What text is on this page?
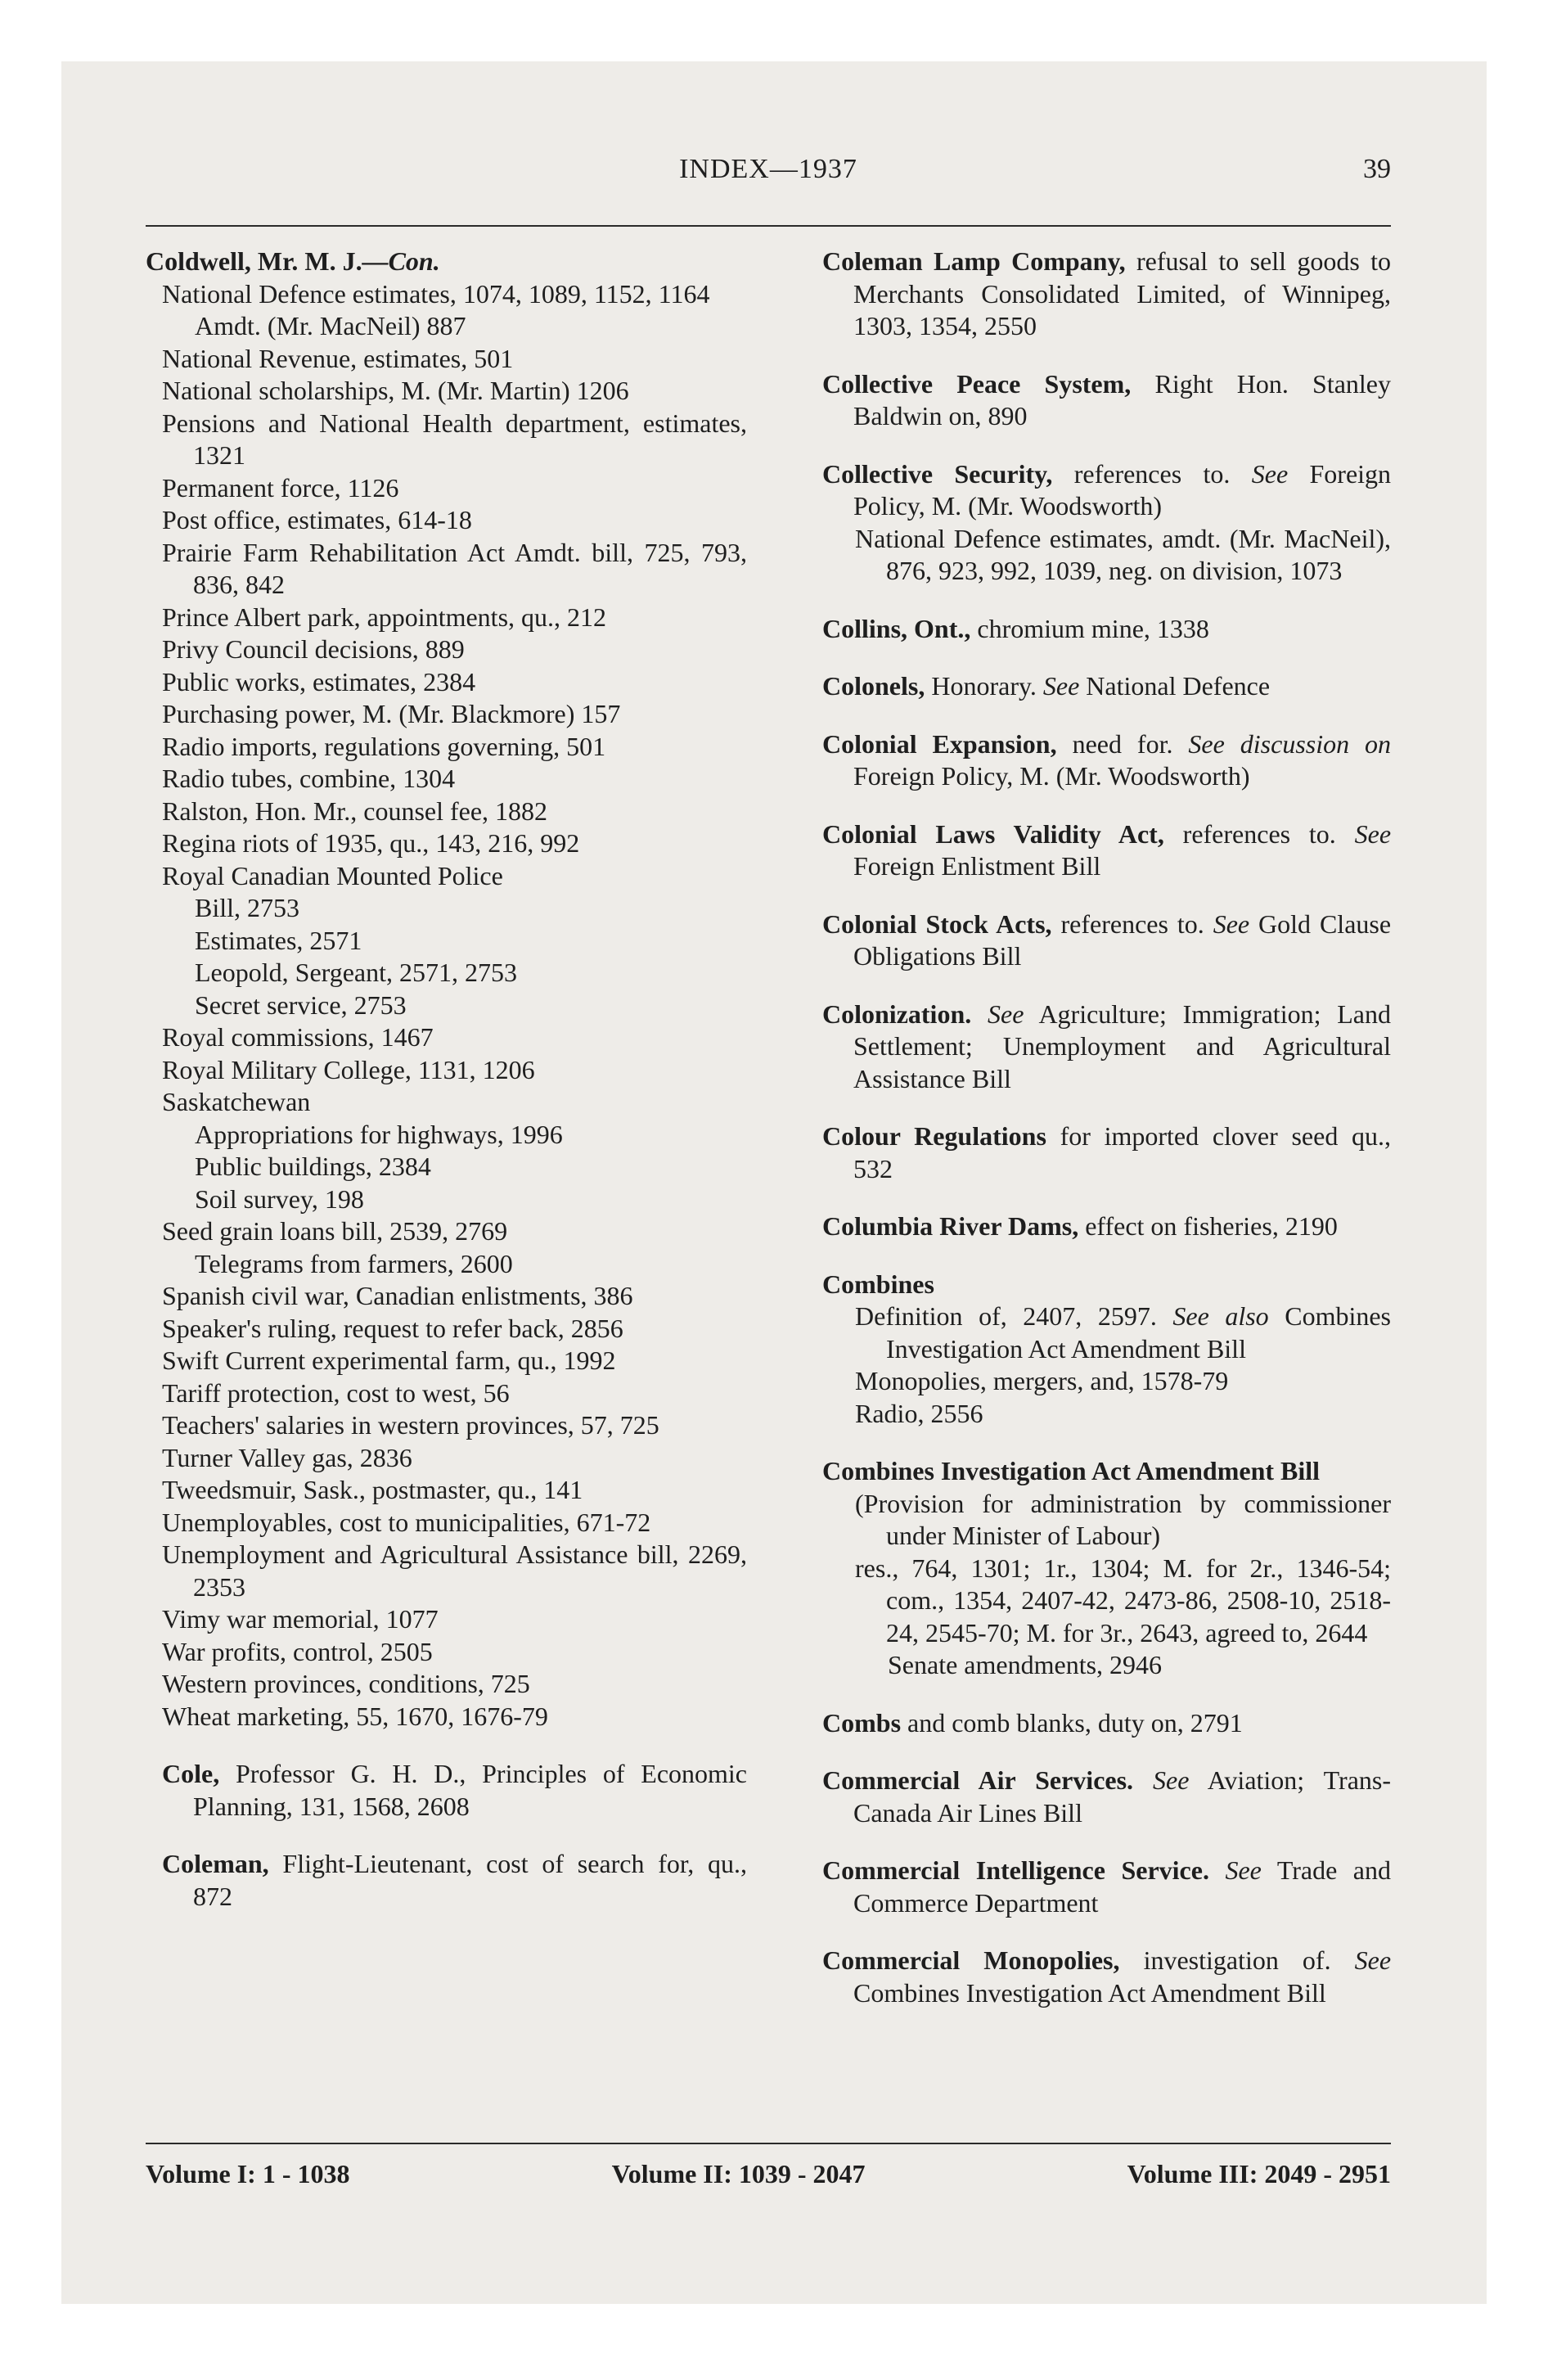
INDEX—1937	39

Coldwell, Mr. M. J.—Con.

National Defence estimates, 1074, 1089, 1152, 1164

Amdt. (Mr. MacNeil) 887

National Revenue, estimates, 501

National scholarships, M. (Mr. Martin) 1206

Pensions and National Health department, estimates, 1321

Permanent force, 1126

Post office, estimates, 614-18

Prairie Farm Rehabilitation Act Amdt. bill, 725, 793, 836, 842

Prince Albert park, appointments, qu., 212

Privy Council decisions, 889

Public works, estimates, 2384

Purchasing power, M. (Mr. Blackmore) 157

Radio imports, regulations governing, 501

Radio tubes, combine, 1304

Ralston, Hon. Mr., counsel fee, 1882

Regina riots of 1935, qu., 143, 216, 992

Royal Canadian Mounted Police

Bill, 2753

Estimates, 2571

Leopold, Sergeant, 2571, 2753

Secret service, 2753

Royal commissions, 1467

Royal Military College, 1131, 1206

Saskatchewan

Appropriations for highways, 1996

Public buildings, 2384

Soil survey, 198

Seed grain loans bill, 2539, 2769

Telegrams from farmers, 2600

Spanish civil war, Canadian enlistments, 386

Speaker's ruling, request to refer back, 2856

Swift Current experimental farm, qu., 1992

Tariff protection, cost to west, 56

Teachers' salaries in western provinces, 57, 725

Turner Valley gas, 2836

Tweedsmuir, Sask., postmaster, qu., 141

Unemployables, cost to municipalities, 671-72

Unemployment and Agricultural Assistance bill, 2269, 2353

Vimy war memorial, 1077

War profits, control, 2505

Western provinces, conditions, 725

Wheat marketing, 55, 1670, 1676-79

Cole, Professor G. H. D., Principles of Economic Planning, 131, 1568, 2608

Coleman, Flight-Lieutenant, cost of search for, qu., 872

Coleman Lamp Company, refusal to sell goods to Merchants Consolidated Limited, of Winnipeg, 1303, 1354, 2550

Collective Peace System, Right Hon. Stanley Baldwin on, 890

Collective Security, references to. See Foreign Policy, M. (Mr. Woodsworth)

National Defence estimates, amdt. (Mr. MacNeil), 876, 923, 992, 1039, neg. on division, 1073

Collins, Ont., chromium mine, 1338

Colonels, Honorary. See National Defence

Colonial Expansion, need for. See discussion on Foreign Policy, M. (Mr. Woodsworth)

Colonial Laws Validity Act, references to. See Foreign Enlistment Bill

Colonial Stock Acts, references to. See Gold Clause Obligations Bill

Colonization. See Agriculture; Immigration; Land Settlement; Unemployment and Agricultural Assistance Bill

Colour Regulations for imported clover seed qu., 532

Columbia River Dams, effect on fisheries, 2190

Combines

Definition of, 2407, 2597. See also Combines Investigation Act Amendment Bill

Monopolies, mergers, and, 1578-79

Radio, 2556

Combines Investigation Act Amendment Bill

(Provision for administration by commissioner under Minister of Labour)

res., 764, 1301; 1r., 1304; M. for 2r., 1346-54; com., 1354, 2407-42, 2473-86, 2508-10, 2518-24, 2545-70; M. for 3r., 2643, agreed to, 2644

Senate amendments, 2946

Combs and comb blanks, duty on, 2791

Commercial Air Services. See Aviation; Trans-Canada Air Lines Bill

Commercial Intelligence Service. See Trade and Commerce Department

Commercial Monopolies, investigation of. See Combines Investigation Act Amendment Bill

Volume I: 1 - 1038	Volume II: 1039 - 2047	Volume III: 2049 - 2951
